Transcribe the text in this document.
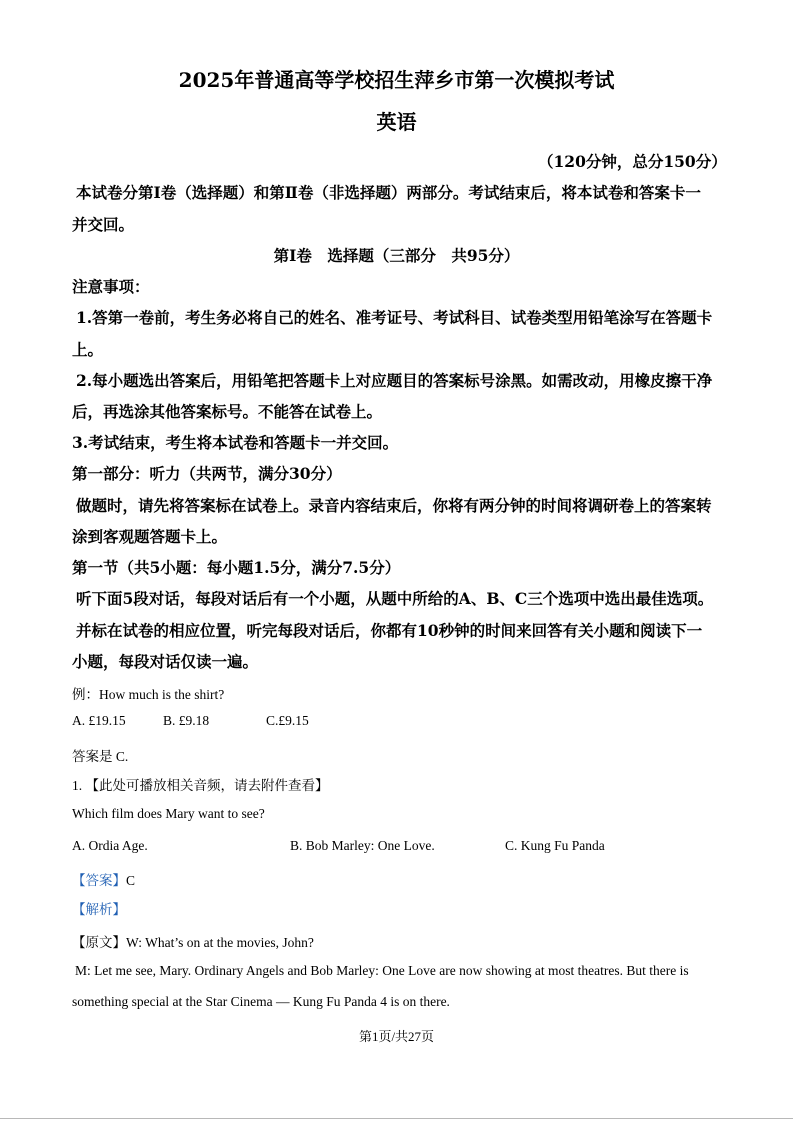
2025年普通高等学校招生萍乡市第一次模拟考试
英语
（120分钟，总分150分）
本试卷分第Ⅰ卷（选择题）和第Ⅱ卷（非选择题）两部分。考试结束后，将本试卷和答案卡一
并交回。
第Ⅰ卷　选择题（三部分　共95分）
注意事项：
1.答第一卷前，考生务必将自己的姓名、准考证号、考试科目、试卷类型用铅笔涂写在答题卡
上。
2.每小题选出答案后，用铅笔把答题卡上对应题目的答案标号涂黑。如需改动，用橡皮擦干净
后，再选涂其他答案标号。不能答在试卷上。
3.考试结束，考生将本试卷和答题卡一并交回。
第一部分：听力（共两节，满分30分）
做题时，请先将答案标在试卷上。录音内容结束后，你将有两分钟的时间将调研卷上的答案转
涂到客观题答题卡上。
第一节（共5小题：每小题1.5分，满分7.5分）
听下面5段对话，每段对话后有一个小题，从题中所给的A、B、C三个选项中选出最佳选项。
并标在试卷的相应位置，听完每段对话后，你都有10秒钟的时间来回答有关小题和阅读下一
小题，每段对话仅读一遍。
例：How much is the shirt?
A. £19.15	B. £9.18	C.£9.15
答案是 C.
1. 【此处可播放相关音频，请去附件查看】
Which film does Mary want to see?
A. Ordia Age.	B. Bob Marley: One Love.	C. Kung Fu Panda
【答案】C
【解析】
【原文】W: What’s on at the movies, John?
M: Let me see, Mary. Ordinary Angels and Bob Marley: One Love are now showing at most theatres. But there is
something special at the Star Cinema — Kung Fu Panda 4 is on there.
第1页/共27页
